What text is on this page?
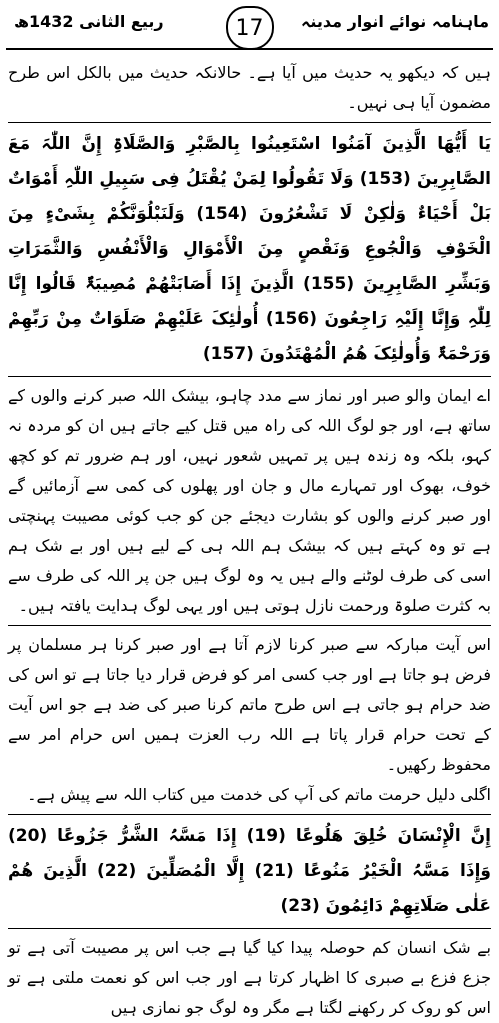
ماہنامہ نوائے انوار مدینہ
17
ربیع الثانی 1432ھ

ہیں کہ دیکھو یہ حدیث میں آیا ہے۔ حالانکہ حدیث میں بالکل اس طرح مضمون آیا ہی نہیں۔

یَا أَیُّھَا الَّذِینَ آمَنُوا اسْتَعِینُوا بِالصَّبْرِ وَالصَّلَاۃِ إِنَّ اللّٰہَ مَعَ الصَّابِرِینَ (153) وَلَا تَقُولُوا لِمَنْ یُقْتَلُ فِی سَبِیلِ اللّٰہِ أَمْوَاتٌ بَلْ أَحْیَاءٌ وَلٰکِنْ لَا تَشْعُرُونَ (154) وَلَنَبْلُوَنَّکُمْ بِشَیْءٍ مِنَ الْخَوْفِ وَالْجُوعِ وَنَقْصٍ مِنَ الْأَمْوَالِ وَالْأَنْفُسِ وَالثَّمَرَاتِ وَبَشِّرِ الصَّابِرِینَ (155) الَّذِینَ إِذَا أَصَابَتْھُمْ مُصِیبَۃٌ قَالُوا إِنَّا لِلّٰہِ وَإِنَّا إِلَیْہِ رَاجِعُونَ (156) أُولٰئِکَ عَلَیْھِمْ صَلَوَاتٌ مِنْ رَبِّھِمْ وَرَحْمَۃٌ وَأُولٰئِکَ ھُمُ الْمُھْتَدُونَ (157)

اے ایمان والو صبر اور نماز سے مدد چاہو، بیشک اللہ صبر کرنے والوں کے ساتھ ہے، اور جو لوگ اللہ کی راہ میں قتل کیے جاتے ہیں ان کو مردہ نہ کہو، بلکہ وہ زندہ ہیں پر تمہیں شعور نہیں، اور ہم ضرور تم کو کچھ خوف، بھوک اور تمہارے مال و جان اور پھلوں کی کمی سے آزمائیں گے اور صبر کرنے والوں کو بشارت دیجئے جن کو جب کوئی مصیبت پہنچتی ہے تو وہ کہتے ہیں کہ بیشک ہم اللہ ہی کے لیے ہیں اور بے شک ہم اسی کی طرف لوٹنے والے ہیں یہ وہ لوگ ہیں جن پر اللہ کی طرف سے بہ کثرت صلوۃ ورحمت نازل ہوتی ہیں اور یہی لوگ ہدایت یافتہ ہیں۔

اس آیت مبارکہ سے صبر کرنا لازم آتا ہے اور صبر کرنا ہر مسلمان پر فرض ہو جاتا ہے اور جب کسی امر کو فرض قرار دیا جاتا ہے تو اس کی ضد حرام ہو جاتی ہے اس طرح ماتم کرنا صبر کی ضد ہے جو اس آیت کے تحت حرام قرار پاتا ہے اللہ رب العزت ہمیں اس حرام امر سے محفوظ رکھیں۔

اگلی دلیل حرمت ماتم کی آپ کی خدمت میں کتاب اللہ سے پیش ہے۔

إِنَّ الْإِنْسَانَ خُلِقَ ھَلُوعًا (19) إِذَا مَسَّہُ الشَّرُّ جَزُوعًا (20) وَإِذَا مَسَّہُ الْخَیْرُ مَنُوعًا (21) إِلَّا الْمُصَلِّینَ (22) الَّذِینَ ھُمْ عَلٰی صَلَاتِھِمْ دَائِمُونَ (23)

بے شک انسان کم حوصلہ پیدا کیا گیا ہے جب اس پر مصیبت آتی ہے تو جزع فزع بے صبری کا اظہار کرتا ہے اور جب اس کو نعمت ملتی ہے تو اس کو روک کر رکھنے لگتا ہے مگر وہ لوگ جو نمازی ہیں
